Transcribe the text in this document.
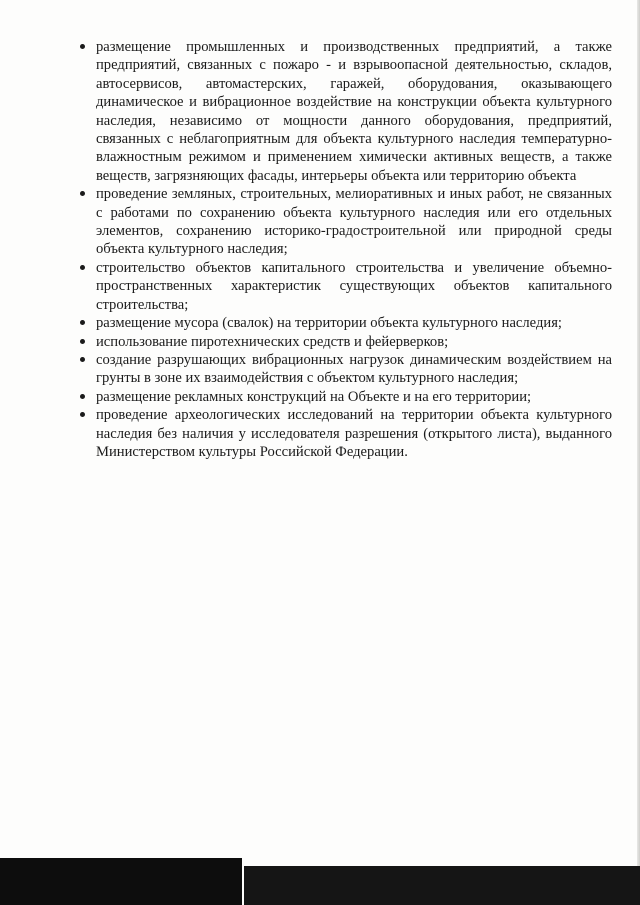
размещение промышленных и производственных предприятий, а также предприятий, связанных с пожаро - и взрывоопасной деятельностью, складов, автосервисов, автомастерских, гаражей, оборудования, оказывающего динамическое и вибрационное воздействие на конструкции объекта культурного наследия, независимо от мощности данного оборудования, предприятий, связанных с неблагоприятным для объекта культурного наследия температурно-влажностным режимом и применением химически активных веществ, а также веществ, загрязняющих фасады, интерьеры объекта или территорию объекта
проведение земляных, строительных, мелиоративных и иных работ, не связанных с работами по сохранению объекта культурного наследия или его отдельных элементов, сохранению историко-градостроительной или природной среды объекта культурного наследия;
строительство объектов капитального строительства и увеличение объемно-пространственных характеристик существующих объектов капитального строительства;
размещение мусора (свалок) на территории объекта культурного наследия;
использование пиротехнических средств и фейерверков;
создание разрушающих вибрационных нагрузок динамическим воздействием на грунты в зоне их взаимодействия с объектом культурного наследия;
размещение рекламных конструкций на Объекте и на его территории;
проведение археологических исследований на территории объекта культурного наследия без наличия у исследователя разрешения (открытого листа), выданного Министерством культуры Российской Федерации.
